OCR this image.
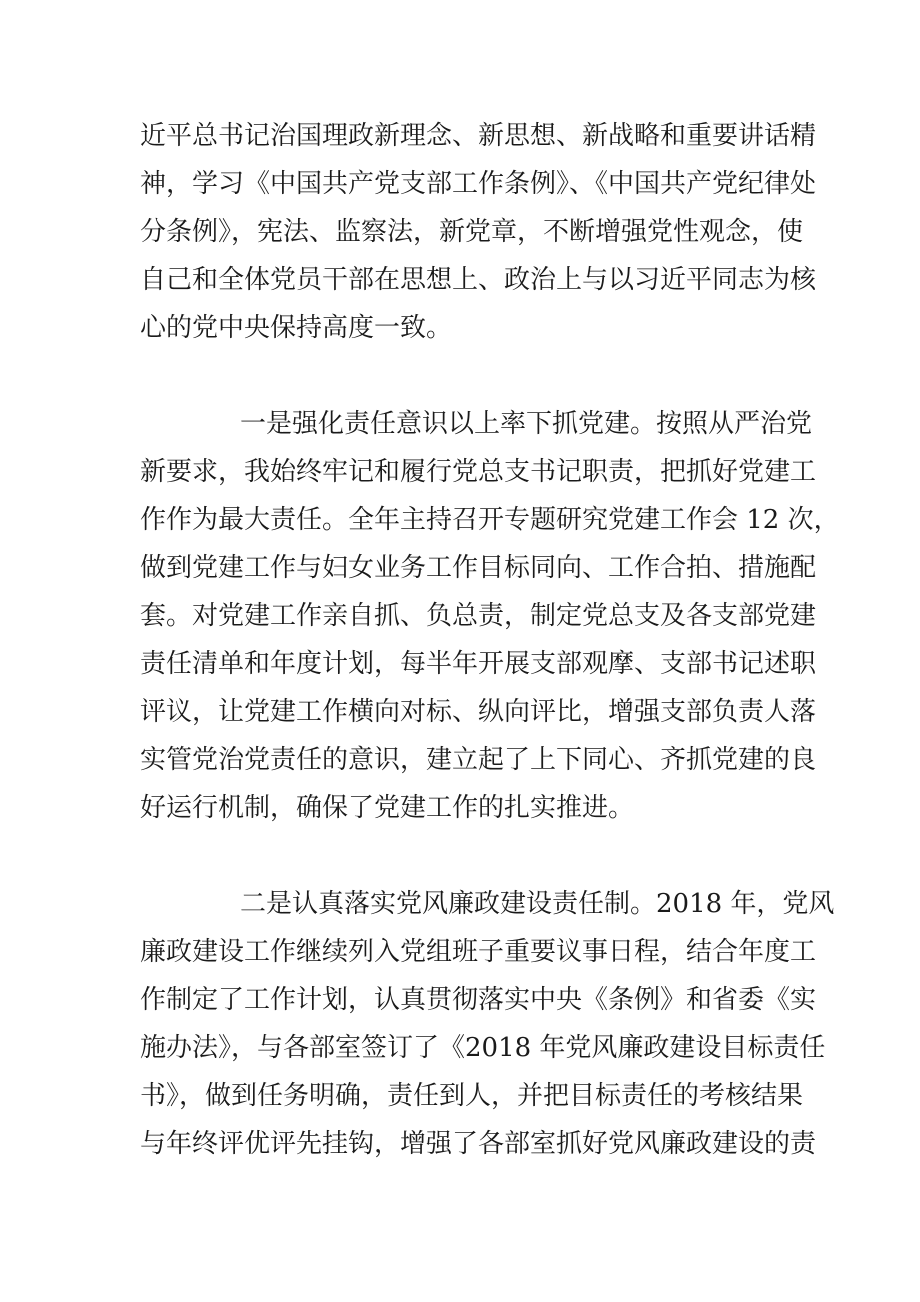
近平总书记治国理政新理念、新思想、新战略和重要讲话精
神，学习《中国共产党支部工作条例》、《中国共产党纪律处
分条例》，宪法、监察法，新党章，不断增强党性观念，使
自己和全体党员干部在思想上、政治上与以习近平同志为核
心的党中央保持高度一致。

一是强化责任意识以上率下抓党建。按照从严治党
新要求，我始终牢记和履行党总支书记职责，把抓好党建工
作作为最大责任。全年主持召开专题研究党建工作会 12 次，
做到党建工作与妇女业务工作目标同向、工作合拍、措施配
套。对党建工作亲自抓、负总责，制定党总支及各支部党建
责任清单和年度计划，每半年开展支部观摩、支部书记述职
评议，让党建工作横向对标、纵向评比，增强支部负责人落
实管党治党责任的意识，建立起了上下同心、齐抓党建的良
好运行机制，确保了党建工作的扎实推进。

二是认真落实党风廉政建设责任制。2018 年，党风
廉政建设工作继续列入党组班子重要议事日程，结合年度工
作制定了工作计划，认真贯彻落实中央《条例》和省委《实
施办法》，与各部室签订了《2018 年党风廉政建设目标责任
书》，做到任务明确，责任到人，并把目标责任的考核结果
与年终评优评先挂钩，增强了各部室抓好党风廉政建设的责
